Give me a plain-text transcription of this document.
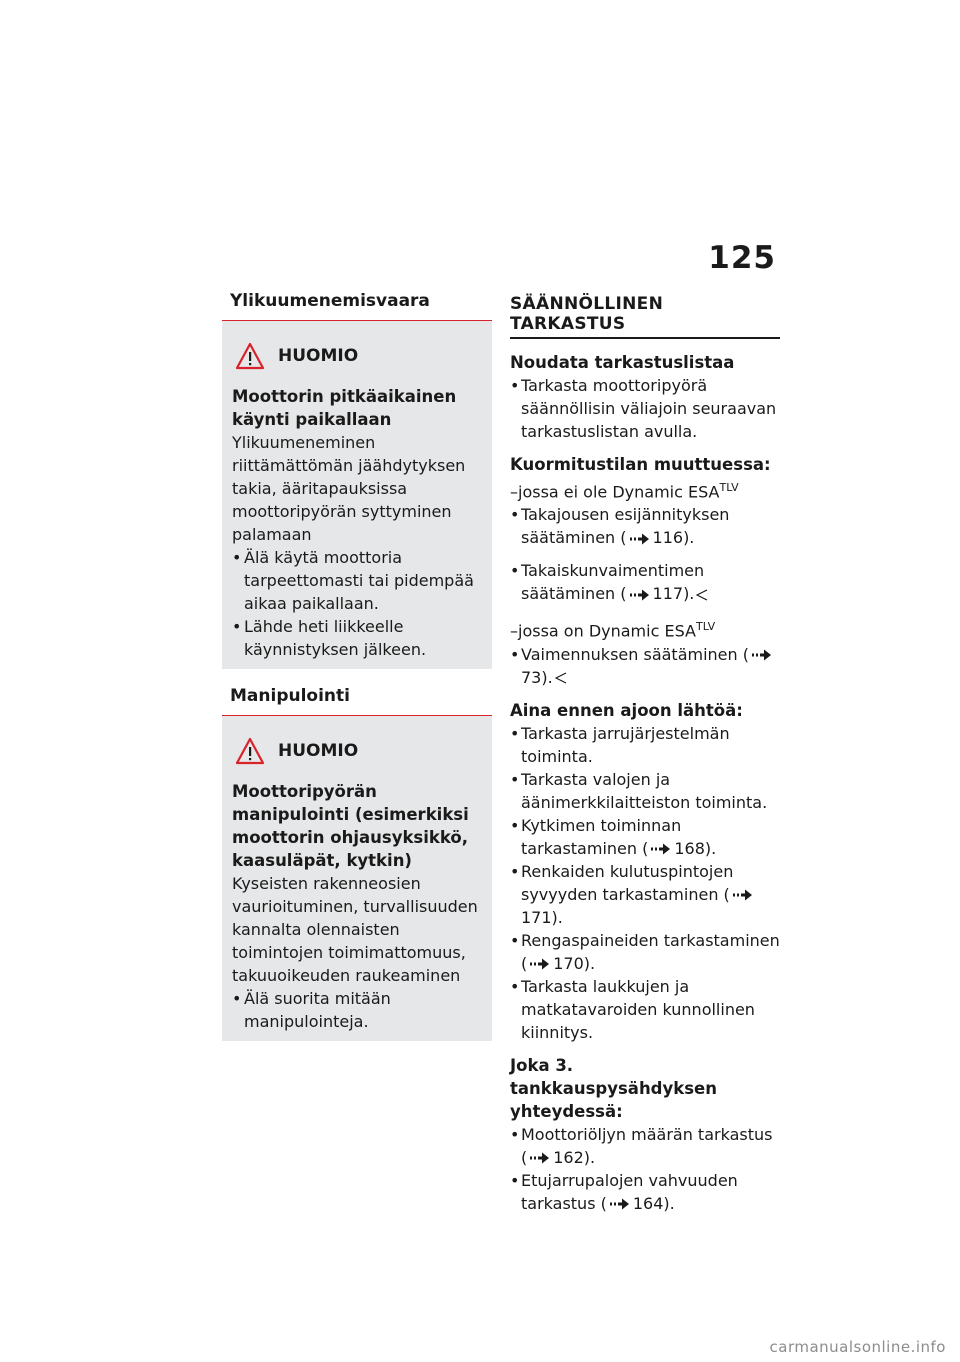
125
Ylikuumenemisvaara
HUOMIO
Moottorin pitkäaikainen käynti paikallaan
Ylikuumeneminen riittämättömän jäähdytyksen takia, ääritapauksissa moottoripyörän syttyminen palamaan
• Älä käytä moottoria tarpeettomasti tai pidempää aikaa paikallaan.
• Lähde heti liikkeelle käynnistyksen jälkeen.
Manipulointi
HUOMIO
Moottoripyörän manipulointi (esimerkiksi moottorin ohjausyksikkö, kaasuläpät, kytkin)
Kyseisten rakenneosien vaurioituminen, turvallisuuden kannalta olennaisten toimintojen toimimattomuus, takuuoikeuden raukeaminen
• Älä suorita mitään manipulointeja.
SÄÄNNÖLLINEN TARKASTUS
Noudata tarkastuslistaa
• Tarkasta moottoripyörä säännöllisin väliajoin seuraavan tarkastuslistan avulla.
Kuormitustilan muuttuessa:
–jossa ei ole Dynamic $ESA^{TLV}$
• Takajousen esijännityksen säätäminen ( 116).
• Takaiskunvaimentimen säätäminen ( 117).
–jossa on Dynamic $ESA^{TLV}$
• Vaimennuksen säätäminen (73).
Aina ennen ajoon lähtöä:
• Tarkasta jarrujärjestelmän toiminta.
• Tarkasta valojen ja äänimerkkilaitteiston toiminta.
• Kytkimen toiminnan tarkastaminen ( 168).
• Renkaiden kulutuspintojen syvyyden tarkastaminen (171).
• Rengaspaineiden tarkastaminen ( 170).
• Tarkasta laukkujen ja matkatavaroiden kunnollinen kiinnitys.
Joka 3. tankkauspysähdyksen yhteydessä:
• Moottoriöljyn määrän tarkastus ( 162).
• Etujarrupalojen vahvuuden tarkastus ( 164).
carmanualsonline.info
